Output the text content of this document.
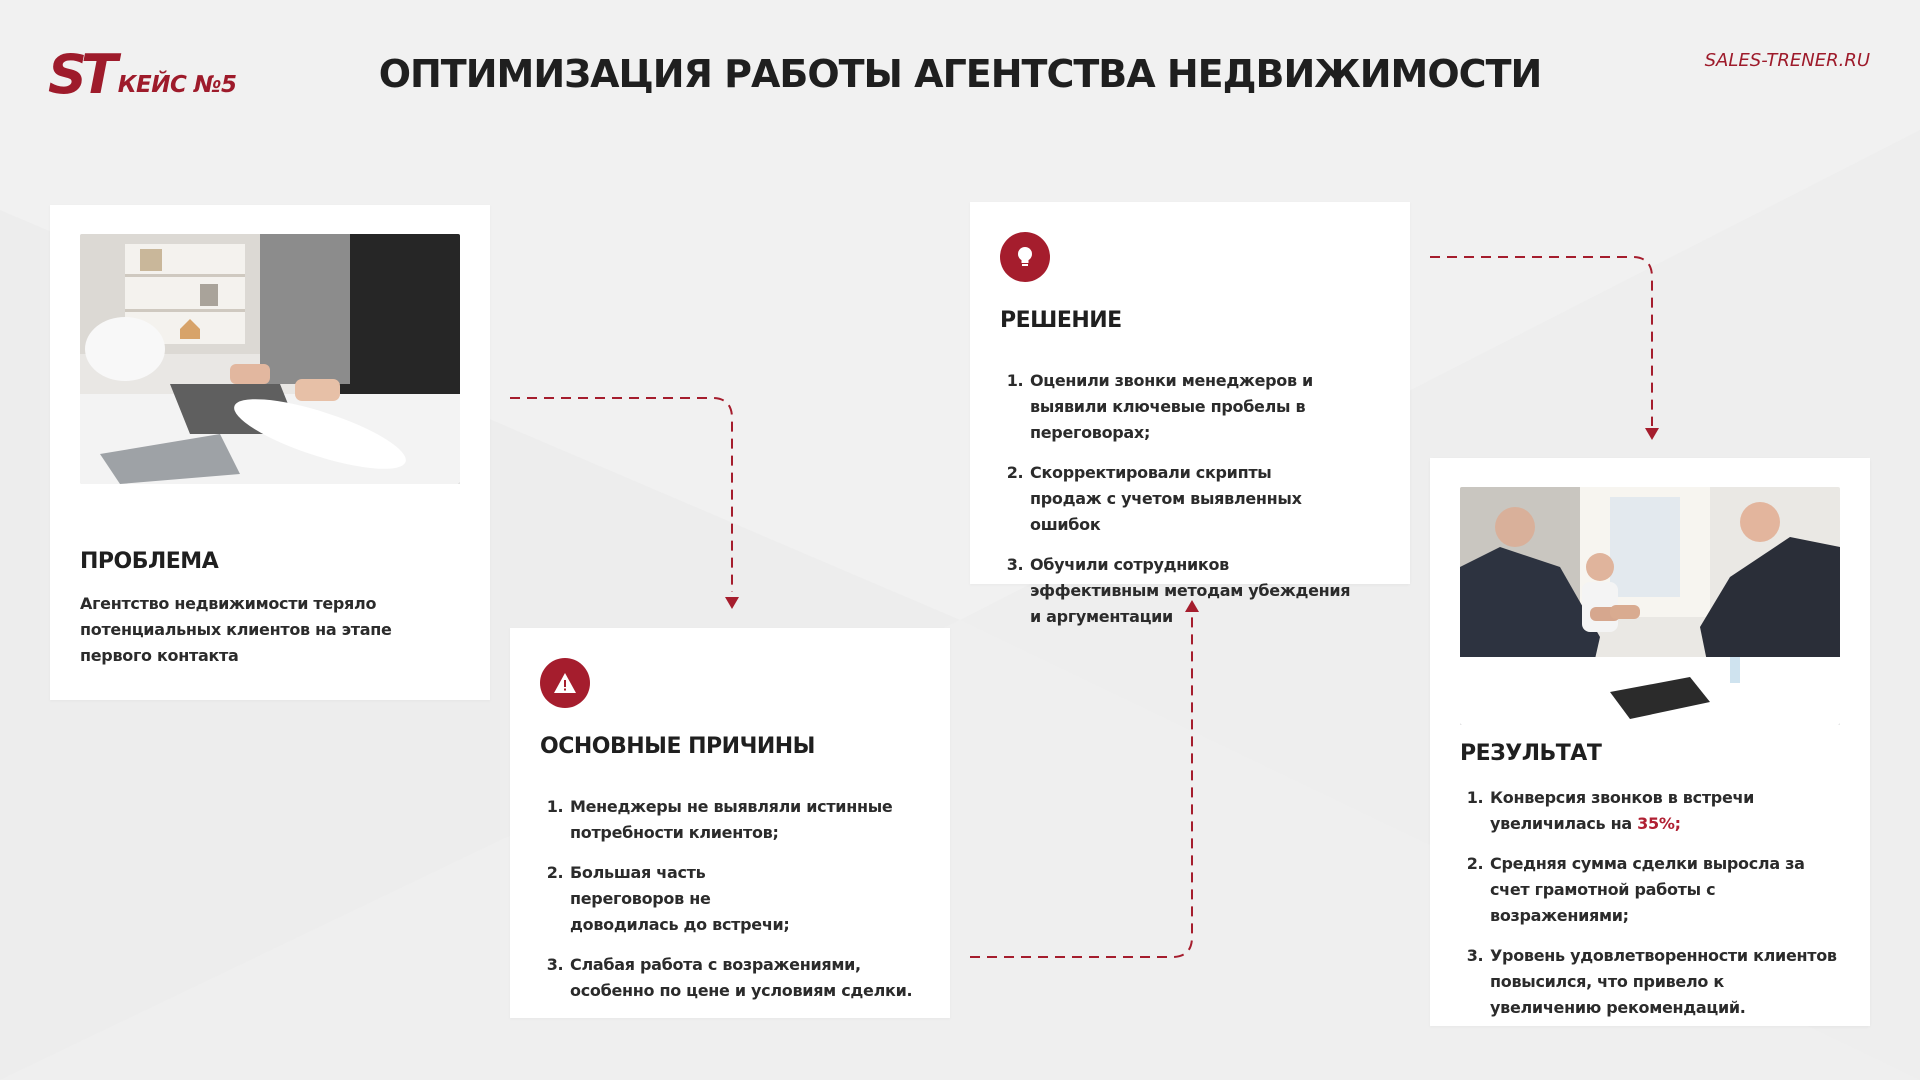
ST КЕЙС №5	ОПТИМИЗАЦИЯ РАБОТЫ АГЕНТСТВА НЕДВИЖИМОСТИ	SALES-TRENER.RU
ПРОБЛЕМА
Агентство недвижимости теряло потенциальных клиентов на этапе первого контакта
ОСНОВНЫЕ ПРИЧИНЫ
1. Менеджеры не выявляли истинные потребности клиентов;
2. Большая часть переговоров не доводилась до встречи;
3. Слабая работа с возражениями, особенно по цене и условиям сделки.
РЕШЕНИЕ
1. Оценили звонки менеджеров и выявили ключевые пробелы в переговорах;
2. Скорректировали скрипты продаж с учетом выявленных ошибок
3. Обучили сотрудников эффективным методам убеждения и аргументации
РЕЗУЛЬТАТ
1. Конверсия звонков в встречи увеличилась на 35%;
2. Средняя сумма сделки выросла за счет грамотной работы с возражениями;
3. Уровень удовлетворенности клиентов повысился, что привело к увеличению рекомендаций.
